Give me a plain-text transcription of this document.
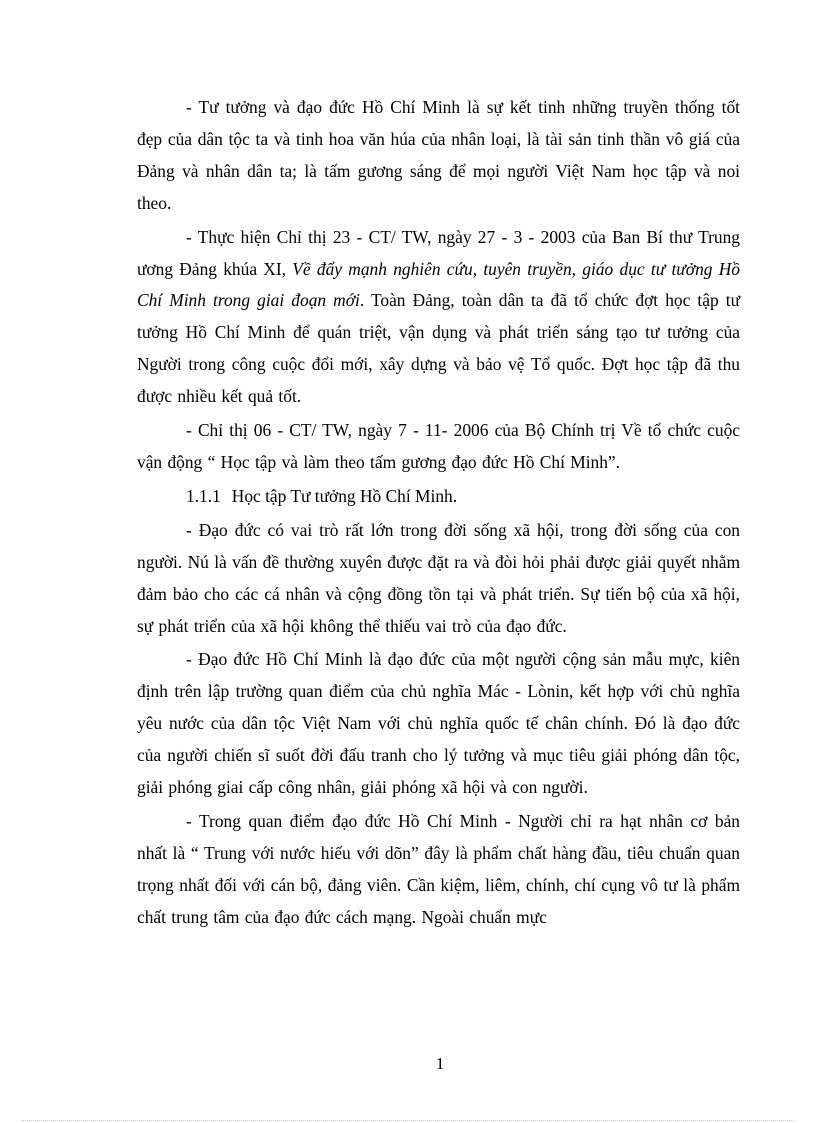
- Tư tưởng và đạo đức Hồ Chí Minh là sự kết tinh những truyền thống tốt đẹp của dân tộc ta và tinh hoa văn húa của nhân loại, là tài sản tinh thần vô giá của Đảng và nhân dân ta; là tấm gương sáng để mọi người Việt Nam học tập và noi theo.

- Thực hiện Chỉ thị 23 - CT/ TW, ngày 27 - 3 - 2003 của Ban Bí thư Trung ương Đảng khúa XI, Về đẩy mạnh nghiên cứu, tuyên truyền, giáo dục tư tưởng Hồ Chí Minh trong giai đoạn mới. Toàn Đảng, toàn dân ta đã tổ chức đợt học tập tư tưởng Hồ Chí Minh để quán triệt, vận dụng và phát triển sáng tạo tư tưởng của Người trong công cuộc đổi mới, xây dựng và bảo vệ Tổ quốc. Đợt học tập đã thu được nhiều kết quả tốt.

- Chỉ thị 06 - CT/ TW, ngày 7 - 11- 2006 của Bộ Chính trị Về tổ chức cuộc vận động “ Học tập và làm theo tấm gương đạo đức Hồ Chí Minh”.

1.1.1 Học tập Tư tưởng Hồ Chí Minh.

- Đạo đức có vai trò rất lớn trong đời sống xã hội, trong đời sống của con người. Nú là vấn đề thường xuyên được đặt ra và đòi hỏi phải được giải quyết nhằm đảm bảo cho các cá nhân và cộng đồng tồn tại và phát triển. Sự tiến bộ của xã hội, sự phát triển của xã hội không thể thiếu vai trò của đạo đức.

- Đạo đức Hồ Chí Minh là đạo đức của một người cộng sản mẫu mực, kiên định trên lập trường quan điểm của chủ nghĩa Mác - Lònin, kết hợp với chủ nghĩa yêu nước của dân tộc Việt Nam với chủ nghĩa quốc tế chân chính. Đó là đạo đức của người chiến sĩ suốt đời đấu tranh cho lý tưởng và mục tiêu giải phóng dân tộc, giải phóng giai cấp công nhân, giải phóng xã hội và con người.

- Trong quan điểm đạo đức Hồ Chí Minh - Người chỉ ra hạt nhân cơ bản nhất là “ Trung với nước hiếu với dõn” đây là phẩm chất hàng đầu, tiêu chuẩn quan trọng nhất đối với cán bộ, đảng viên. Cần kiệm, liêm, chính, chí cụng vô tư là phẩm chất trung tâm của đạo đức cách mạng. Ngoài chuẩn mực

1
